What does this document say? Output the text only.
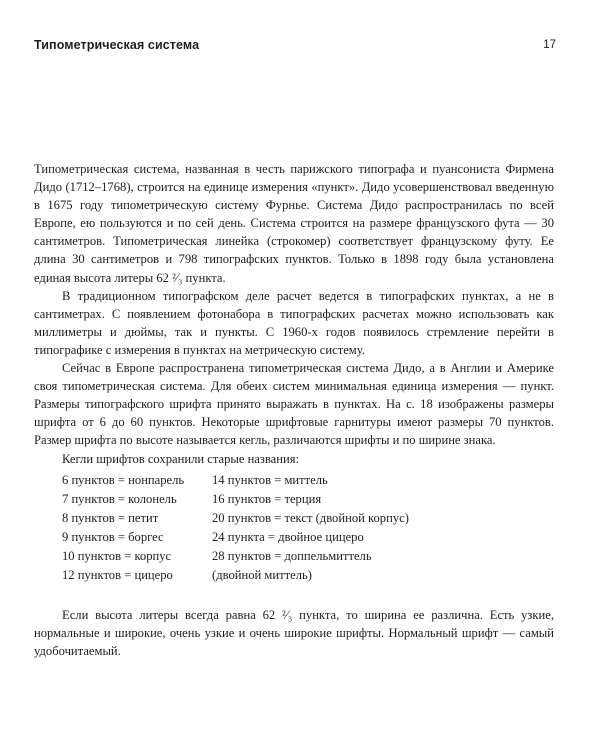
Типометрическая система	17

Типометрическая система, названная в честь парижского типографа и пуансониста Фирмена Дидо (1712–1768), строится на единице измерения «пункт». Дидо усовершенствовал введенную в 1675 году типометрическую систему Фурнье. Система Дидо распространилась по всей Европе, ею пользуются и по сей день. Система строится на размере французского фута — 30 сантиметров. Типометрическая линейка (строкомер) соответствует французскому футу. Ее длина 30 сантиметров и 798 типографских пунктов. Только в 1898 году была установлена единая высота литеры 62 ²⁄₃ пункта.

В традиционном типографском деле расчет ведется в типографских пунктах, а не в сантиметрах. С появлением фотонабора в типографских расчетах можно использовать как миллиметры и дюймы, так и пункты. С 1960-х годов появилось стремление перейти в типографике с измерения в пунктах на метрическую систему.

Сейчас в Европе распространена типометрическая система Дидо, а в Англии и Америке своя типометрическая система. Для обеих систем минимальная единица измерения — пункт. Размеры типографского шрифта принято выражать в пунктах. На с. 18 изображены размеры шрифта от 6 до 60 пунктов. Некоторые шрифтовые гарнитуры имеют размеры 70 пунктов. Размер шрифта по высоте называется кегль, различаются шрифты и по ширине знака.

Кегли шрифтов сохранили старые названия:

6 пунктов = нонпарель	14 пунктов = миттель
7 пунктов = колонель	16 пунктов = терция
8 пунктов = петит	20 пунктов = текст (двойной корпус)
9 пунктов = боргес	24 пункта = двойное цицеро
10 пунктов = корпус	28 пунктов = доппельмиттель
12 пунктов = цицеро	(двойной миттель)

Если высота литеры всегда равна 62 ²⁄₃ пункта, то ширина ее различна. Есть узкие, нормальные и широкие, очень узкие и очень широкие шрифты. Нормальный шрифт — самый удобочитаемый.
